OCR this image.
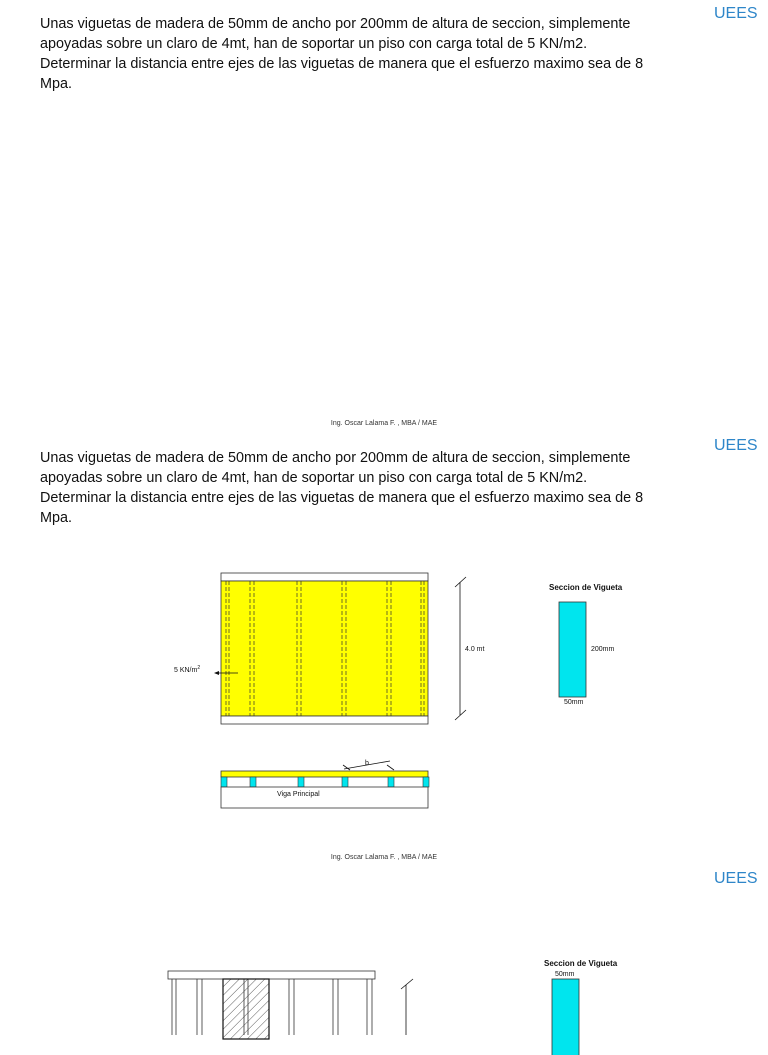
UEES

Unas viguetas de madera de 50mm de ancho por 200mm de altura de seccion, simplemente apoyadas sobre un claro de 4mt, han de soportar un piso con carga total de 5 KN/m2. Determinar la distancia entre ejes de las viguetas de manera que el esfuerzo maximo sea de 8 Mpa.

Ing. Oscar Lalama F. , MBA / MAE
UEES

Unas viguetas de madera de 50mm de ancho por 200mm de altura de seccion, simplemente apoyadas sobre un claro de 4mt, han de soportar un piso con carga total de 5 KN/m2. Determinar la distancia entre ejes de las viguetas de manera que el esfuerzo maximo sea de 8 Mpa.

5 $KN/m^2$
4.0 mt
Seccion de Vigueta
200mm
50mm
b
Viga Principal
Ing. Oscar Lalama F. , MBA / MAE
UEES
Seccion de Vigueta
50mm
